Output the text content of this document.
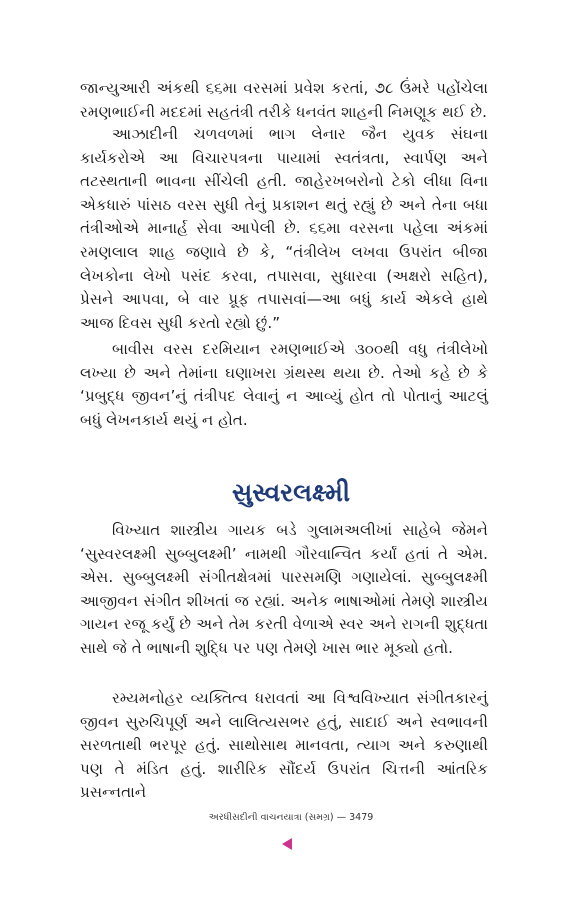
જાન્યુઆરી અંકથી ૬૬મા વરસમાં પ્રવેશ કરતાં, ૭૮ ઉંમરે પહોંચેલા રમણભાઈની મદદમાં સહતંત્રી તરીકે ધનવંત શાહની નિમણૂક થઈ છે.

આઝાદીની ચળવળમાં ભાગ લેનાર જૈન યુવક સંઘના કાર્યકરોએ આ વિચારપત્રના પાયામાં સ્વતંત્રતા, સ્વાર્પણ અને તટસ્થતાની ભાવના સીંચેલી હતી. જાહેરખબરોનો ટેકો લીધા વિના એકધારું પાંસઠ વરસ સુધી તેનું પ્રકાશન થતું રહ્યું છે અને તેના બધા તંત્રીઓએ માનાર્હ સેવા આપેલી છે. ૬૬મા વરસના પહેલા અંકમાં રમણલાલ શાહ જણાવે છે કે, “તંત્રીલેખ લખવા ઉપરાંત બીજા લેખકોના લેખો પસંદ કરવા, તપાસવા, સુધારવા (અક્ષરો સહિત), પ્રેસને આપવા, બે વાર પ્રૂફ તપાસવાં—આ બધું કાર્ય એકલે હાથે આજ દિવસ સુધી કરતો રહ્યો છું.”

બાવીસ વરસ દરમિયાન રમણભાઈએ ૩૦૦થી વધુ તંત્રીલેખો લખ્યા છે અને તેમાંના ઘણાખરા ગ્રંથસ્થ થયા છે. તેઓ કહે છે કે ‘પ્રબુદ્ધ જીવન’નું તંત્રીપદ લેવાનું ન આવ્યું હોત તો પોતાનું આટલું બધું લેખનકાર્ય થયું ન હોત.

સુસ્વરલક્ષ્મી

વિખ્યાત શાસ્ત્રીય ગાયક બડે ગુલામઅલીખાં સાહેબે જેમને ‘સુસ્વરલક્ષ્મી સુબ્બુલક્ષ્મી’ નામથી ગૌરવાન્વિત કર્યાં હતાં તે એમ. એસ. સુબ્બુલક્ષ્મી સંગીતક્ષેત્રમાં પારસમણિ ગણાયેલાં. સુબ્બુલક્ષ્મી આજીવન સંગીત શીખતાં જ રહ્યાં. અનેક ભાષાઓમાં તેમણે શાસ્ત્રીય ગાયન રજૂ કર્યું છે અને તેમ કરતી વેળાએ સ્વર અને રાગની શુદ્ધતા સાથે જે તે ભાષાની શુદ્ધિ પર પણ તેમણે ખાસ ભાર મૂક્યો હતો.

રમ્યમનોહર વ્યક્તિત્વ ધરાવતાં આ વિશ્વવિખ્યાત સંગીતકારનું જીવન સુરુચિપૂર્ણ અને લાલિત્યસભર હતું, સાદાઈ અને સ્વભાવની સરળતાથી ભરપૂર હતું. સાથોસાથ માનવતા, ત્યાગ અને કરુણાથી પણ તે મંડિત હતું. શારીરિક સૌંદર્ય ઉપરાંત ચિત્તની આંતરિક પ્રસન્નતાને

અરધીસદીની વાચનયાત્રા (સમગ્ર) — 3479
